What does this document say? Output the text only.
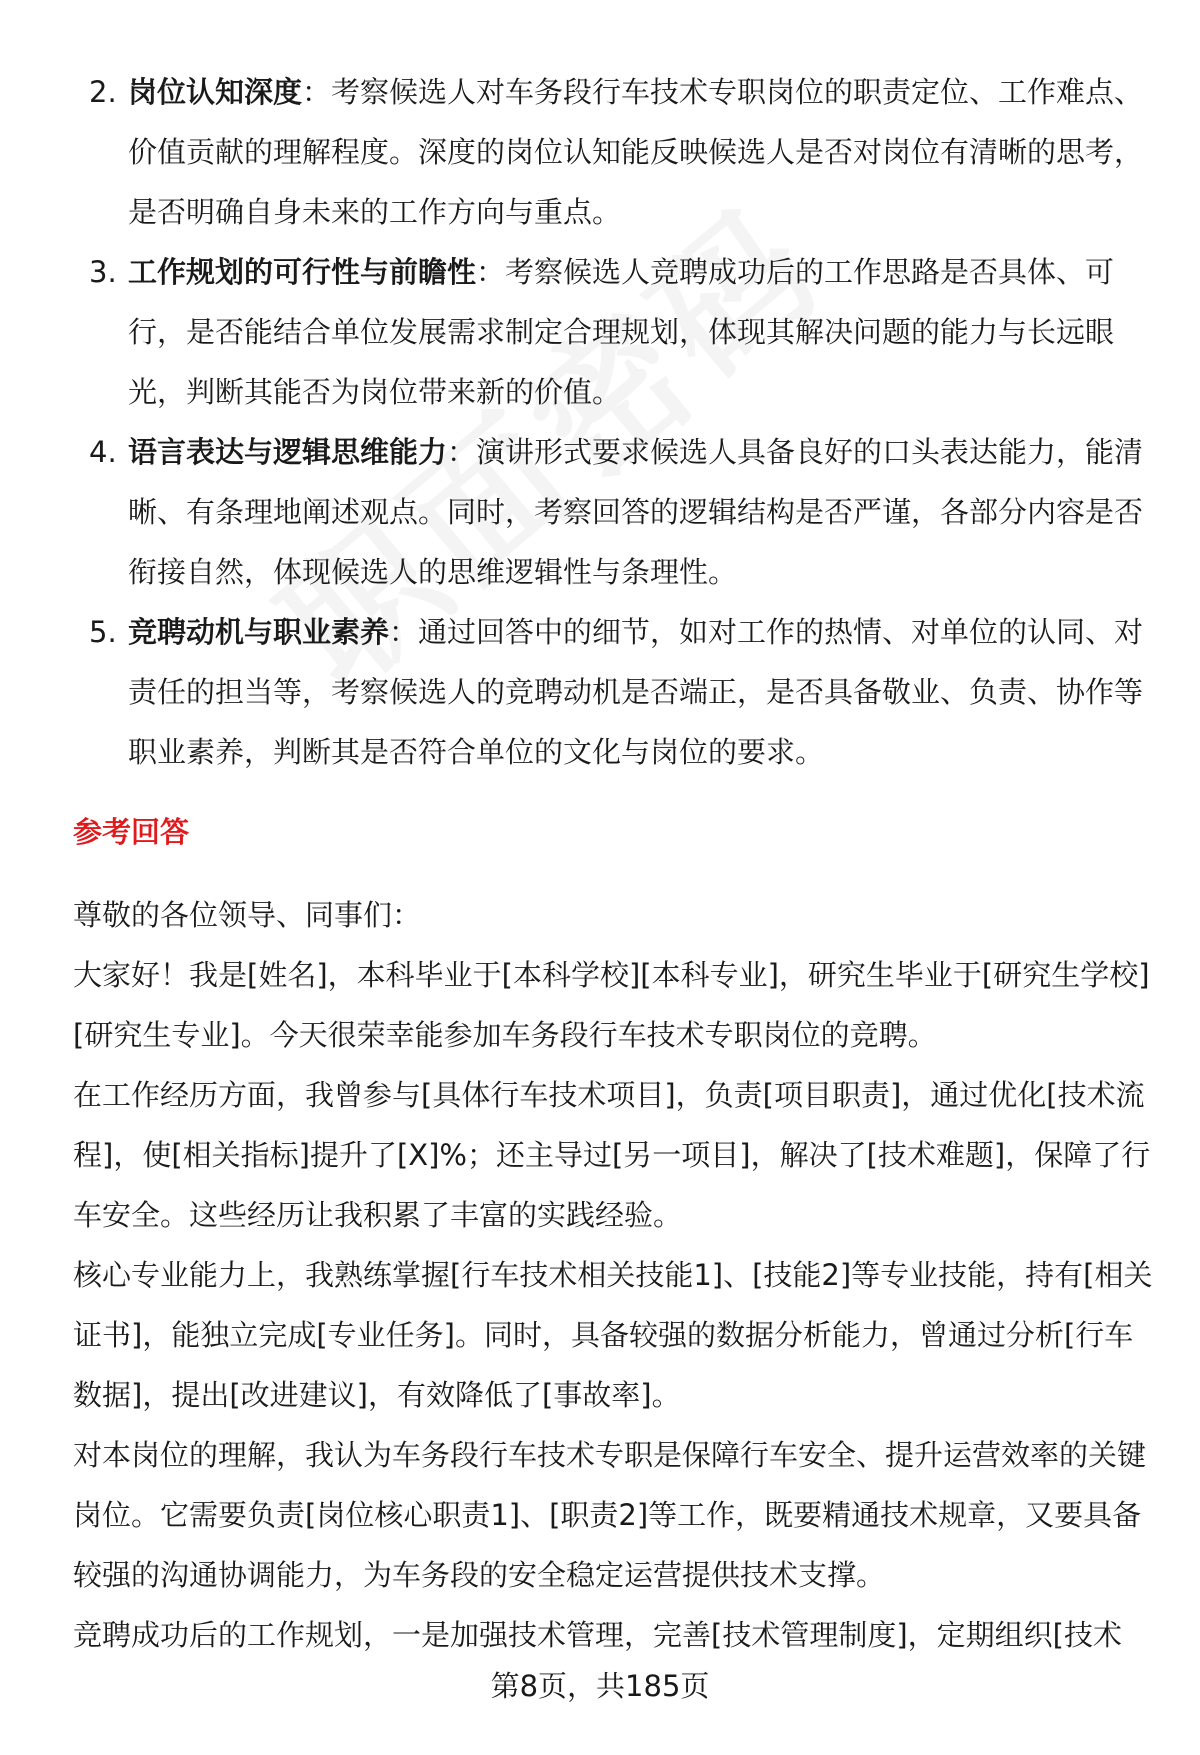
2. 岗位认知深度：考察候选人对车务段行车技术专职岗位的职责定位、工作难点、价值贡献的理解程度。深度的岗位认知能反映候选人是否对岗位有清晰的思考，是否明确自身未来的工作方向与重点。
3. 工作规划的可行性与前瞻性：考察候选人竞聘成功后的工作思路是否具体、可行，是否能结合单位发展需求制定合理规划，体现其解决问题的能力与长远眼光，判断其能否为岗位带来新的价值。
4. 语言表达与逻辑思维能力：演讲形式要求候选人具备良好的口头表达能力，能清晰、有条理地阐述观点。同时，考察回答的逻辑结构是否严谨，各部分内容是否衔接自然，体现候选人的思维逻辑性与条理性。
5. 竞聘动机与职业素养：通过回答中的细节，如对工作的热情、对单位的认同、对责任的担当等，考察候选人的竞聘动机是否端正，是否具备敬业、负责、协作等职业素养，判断其是否符合单位的文化与岗位的要求。
参考回答

尊敬的各位领导、同事们：

大家好！我是[姓名]，本科毕业于[本科学校][本科专业]，研究生毕业于[研究生学校][研究生专业]。今天很荣幸能参加车务段行车技术专职岗位的竞聘。

在工作经历方面，我曾参与[具体行车技术项目]，负责[项目职责]，通过优化[技术流程]，使[相关指标]提升了[X]%；还主导过[另一项目]，解决了[技术难题]，保障了行车安全。这些经历让我积累了丰富的实践经验。

核心专业能力上，我熟练掌握[行车技术相关技能1]、[技能2]等专业技能，持有[相关证书]，能独立完成[专业任务]。同时，具备较强的数据分析能力，曾通过分析[行车数据]，提出[改进建议]，有效降低了[事故率]。

对本岗位的理解，我认为车务段行车技术专职是保障行车安全、提升运营效率的关键岗位。它需要负责[岗位核心职责1]、[职责2]等工作，既要精通技术规章，又要具备较强的沟通协调能力，为车务段的安全稳定运营提供技术支撑。

竞聘成功后的工作规划，一是加强技术管理，完善[技术管理制度]，定期组织[技术

第8页，共185页
